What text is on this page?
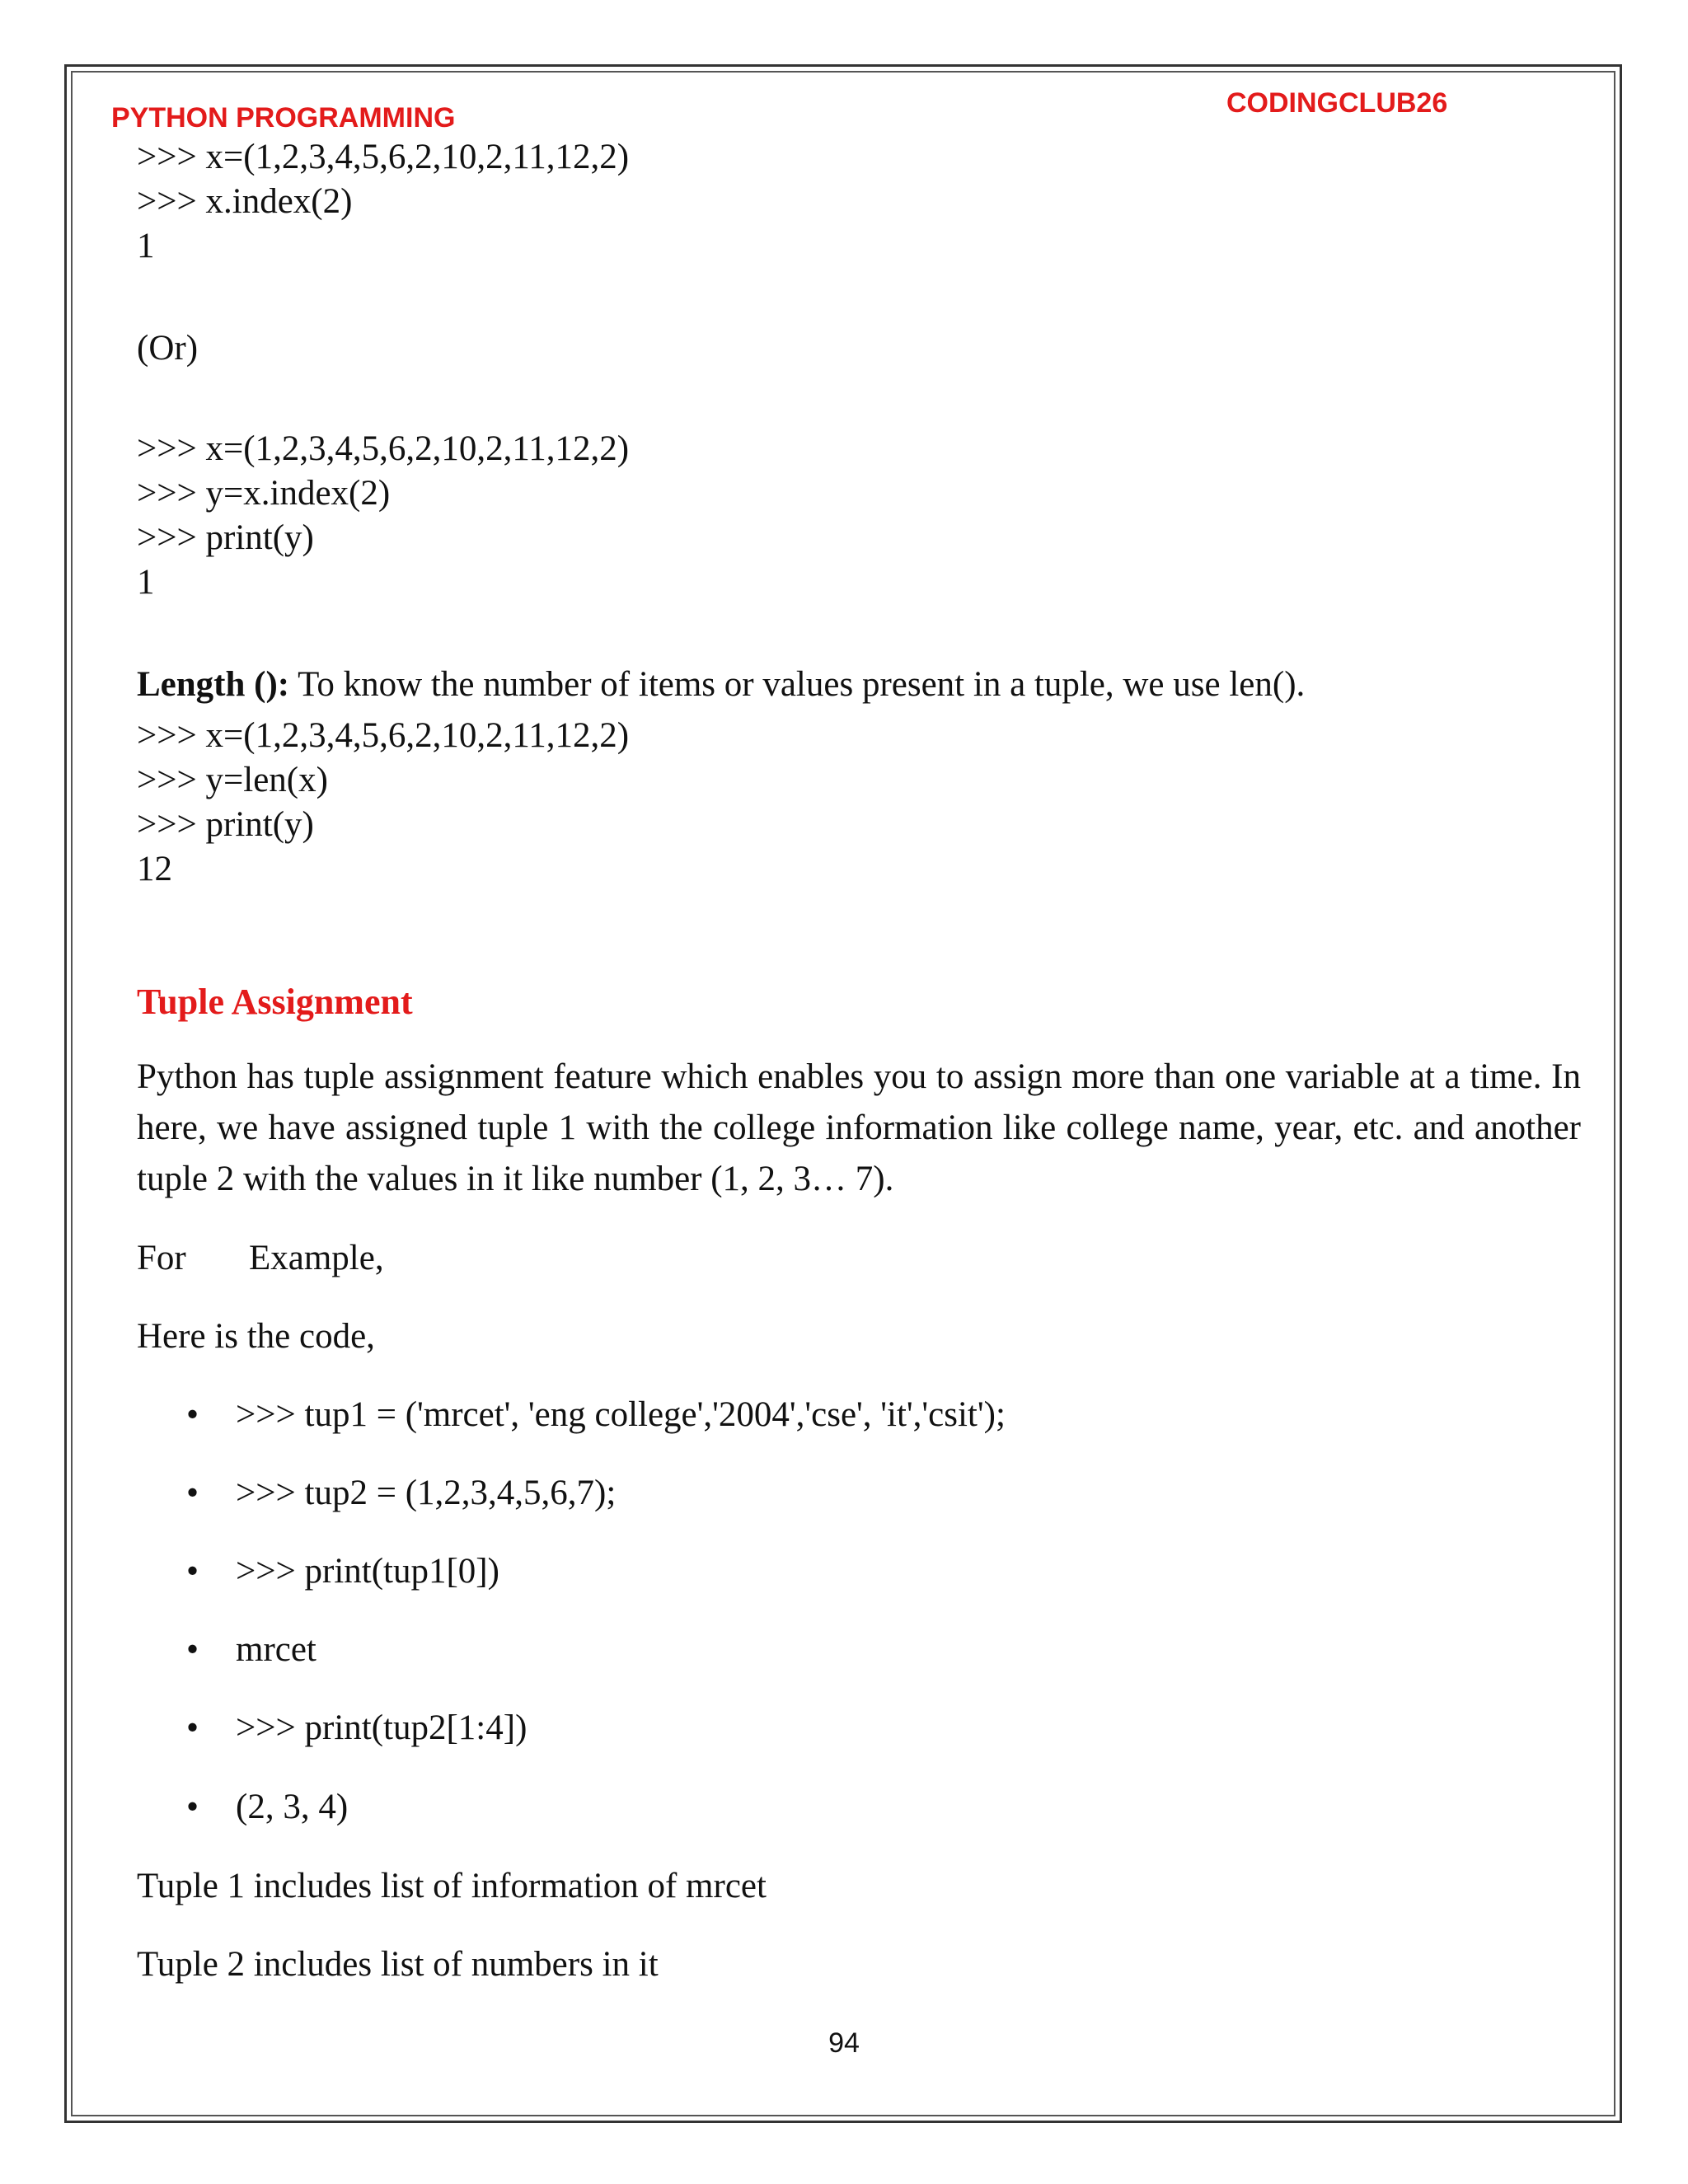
PYTHON PROGRAMMING	CODINGCLUB26
>>> x=(1,2,3,4,5,6,2,10,2,11,12,2)
>>> x.index(2)
1
(Or)
>>> x=(1,2,3,4,5,6,2,10,2,11,12,2)
>>> y=x.index(2)
>>> print(y)
1
Length (): To know the number of items or values present in a tuple, we use len().
>>> x=(1,2,3,4,5,6,2,10,2,11,12,2)
>>> y=len(x)
>>> print(y)
12
Tuple Assignment
Python has tuple assignment feature which enables you to assign more than one variable at a time. In here, we have assigned tuple 1 with the college information like college name, year, etc. and another tuple 2 with the values in it like number (1, 2, 3… 7).
For Example,
Here is the code,
• >>> tup1 = ('mrcet', 'eng college','2004','cse', 'it','csit');
• >>> tup2 = (1,2,3,4,5,6,7);
• >>> print(tup1[0])
• mrcet
• >>> print(tup2[1:4])
• (2, 3, 4)
Tuple 1 includes list of information of mrcet
Tuple 2 includes list of numbers in it
94
